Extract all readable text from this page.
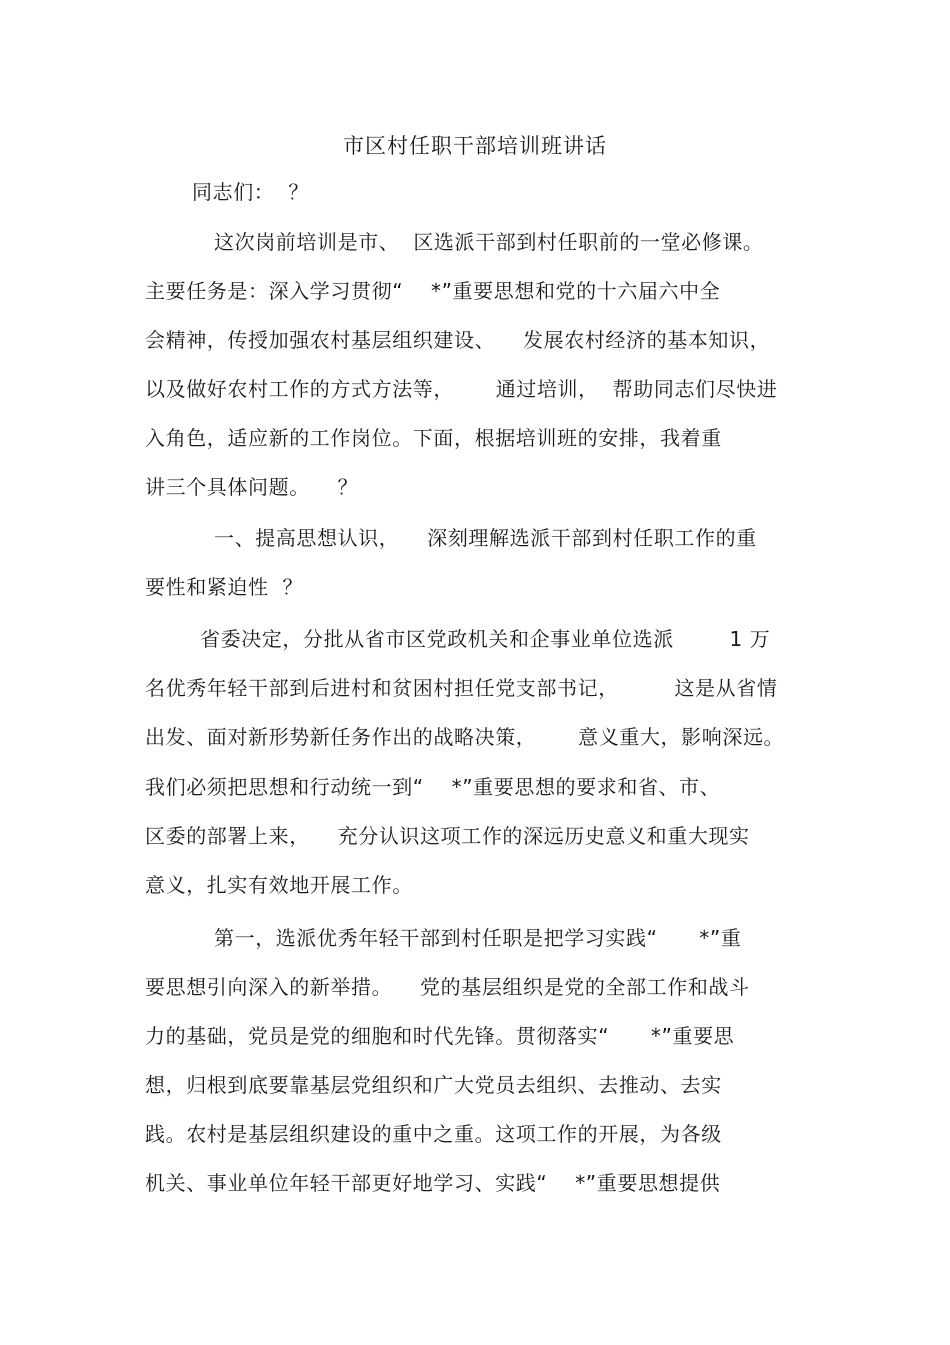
市区村任职干部培训班讲话
同志们：  ？
这次岗前培训是市、  区选派干部到村任职前的一堂必修课。
主要任务是：深入学习贯彻“    *”重要思想和党的十六届六中全
会精神，传授加强农村基层组织建设、    发展农村经济的基本知识，
以及做好农村工作的方式方法等，      通过培训，  帮助同志们尽快进
入角色，适应新的工作岗位。下面，根据培训班的安排，我着重
讲三个具体问题。    ？
一、提高思想认识，    深刻理解选派干部到村任职工作的重
要性和紧迫性  ？
省委决定，分批从省市区党政机关和企事业单位选派        1 万
名优秀年轻干部到后进村和贫困村担任党支部书记，        这是从省情
出发、面对新形势新任务作出的战略决策，      意义重大，影响深远。
我们必须把思想和行动统一到“    *”重要思想的要求和省、市、
区委的部署上来，    充分认识这项工作的深远历史意义和重大现实
意义，扎实有效地开展工作。
第一，选派优秀年轻干部到村任职是把学习实践“      *”重
要思想引向深入的新举措。    党的基层组织是党的全部工作和战斗
力的基础，党员是党的细胞和时代先锋。贯彻落实“      *”重要思
想，归根到底要靠基层党组织和广大党员去组织、去推动、去实
践。农村是基层组织建设的重中之重。这项工作的开展，为各级
机关、事业单位年轻干部更好地学习、实践“    *”重要思想提供
